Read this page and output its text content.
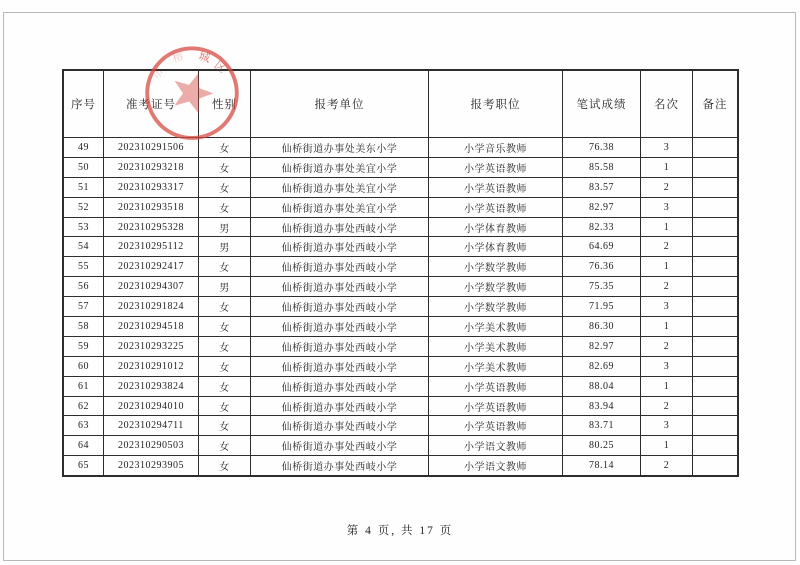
序号	准考证号	性别	报考单位	报考职位	笔试成绩	名次	备注
49	202310291506	女	仙桥街道办事处美东小学	小学音乐教师	76.38	3	
50	202310293218	女	仙桥街道办事处美宜小学	小学英语教师	85.58	1	
51	202310293317	女	仙桥街道办事处美宜小学	小学英语教师	83.57	2	
52	202310293518	女	仙桥街道办事处美宜小学	小学英语教师	82.97	3	
53	202310295328	男	仙桥街道办事处西岐小学	小学体育教师	82.33	1	
54	202310295112	男	仙桥街道办事处西岐小学	小学体育教师	64.69	2	
55	202310292417	女	仙桥街道办事处西岐小学	小学数学教师	76.36	1	
56	202310294307	男	仙桥街道办事处西岐小学	小学数学教师	75.35	2	
57	202310291824	女	仙桥街道办事处西岐小学	小学数学教师	71.95	3	
58	202310294518	女	仙桥街道办事处西岐小学	小学美术教师	86.30	1	
59	202310293225	女	仙桥街道办事处西岐小学	小学美术教师	82.97	2	
60	202310291012	女	仙桥街道办事处西岐小学	小学美术教师	82.69	3	
61	202310293824	女	仙桥街道办事处西岐小学	小学英语教师	88.04	1	
62	202310294010	女	仙桥街道办事处西岐小学	小学英语教师	83.94	2	
63	202310294711	女	仙桥街道办事处西岐小学	小学英语教师	83.71	3	
64	202310290503	女	仙桥街道办事处西岐小学	小学语文教师	80.25	1	
65	202310293905	女	仙桥街道办事处西岐小学	小学语文教师	78.14	2	
城
区
榕
市
第 4 页, 共 17 页
